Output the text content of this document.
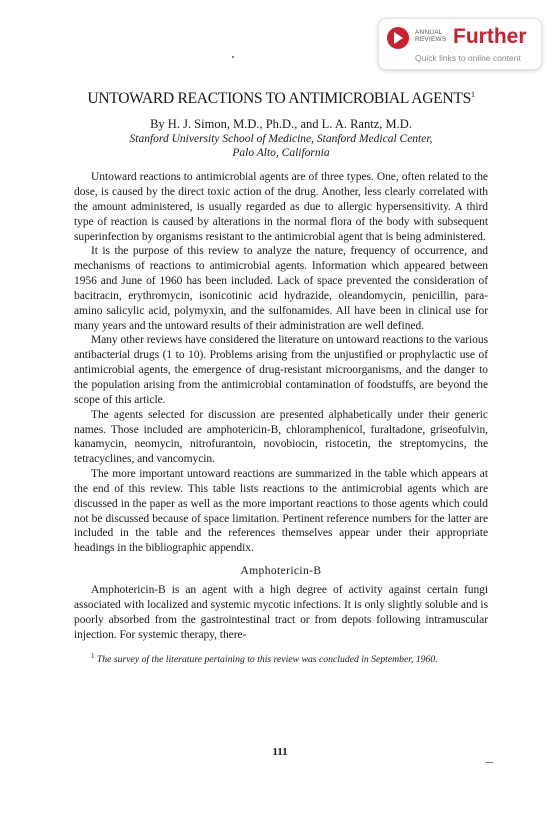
ANNUAL
REVIEWS Further
Quick links to online content
UNTOWARD REACTIONS TO ANTIMICROBIAL AGENTS$^1$

By H. J. Simon, M.D., Ph.D., and L. A. Rantz, M.D.

Stanford University School of Medicine, Stanford Medical Center,

Palo Alto, California

Untoward reactions to antimicrobial agents are of three types. One, often related to the dose, is caused by the direct toxic action of the drug. Another, less clearly correlated with the amount administered, is usually regarded as due to allergic hypersensitivity. A third type of reaction is caused by alterations in the normal flora of the body with subsequent superinfection by organisms resistant to the antimicrobial agent that is being administered.

It is the purpose of this review to analyze the nature, frequency of occurrence, and mechanisms of reactions to antimicrobial agents. Information which appeared between 1956 and June of 1960 has been included. Lack of space prevented the consideration of bacitracin, erythromycin, isonicotinic acid hydrazide, oleandomycin, penicillin, para-amino salicylic acid, polymyxin, and the sulfonamides. All have been in clinical use for many years and the untoward results of their administration are well defined.

Many other reviews have considered the literature on untoward reactions to the various antibacterial drugs (1 to 10). Problems arising from the unjustified or prophylactic use of antimicrobial agents, the emergence of drug-resistant microorganisms, and the danger to the population arising from the antimicrobial contamination of foodstuffs, are beyond the scope of this article.

The agents selected for discussion are presented alphabetically under their generic names. Those included are amphotericin-B, chloramphenicol, furaltadone, griseofulvin, kanamycin, neomycin, nitrofurantoin, novobiocin, ristocetin, the streptomycins, the tetracyclines, and vancomycin.

The more important untoward reactions are summarized in the table which appears at the end of this review. This table lists reactions to the antimicrobial agents which are discussed in the paper as well as the more important reactions to those agents which could not be discussed because of space limitation. Pertinent reference numbers for the latter are included in the table and the references themselves appear under their appropriate headings in the bibliographic appendix.

Amphotericin-B

Amphotericin-B is an agent with a high degree of activity against certain fungi associated with localized and systemic mycotic infections. It is only slightly soluble and is poorly absorbed from the gastrointestinal tract or from depots following intramuscular injection. For systemic therapy, there-

$^1$ The survey of the literature pertaining to this review was concluded in September, 1960.

111
